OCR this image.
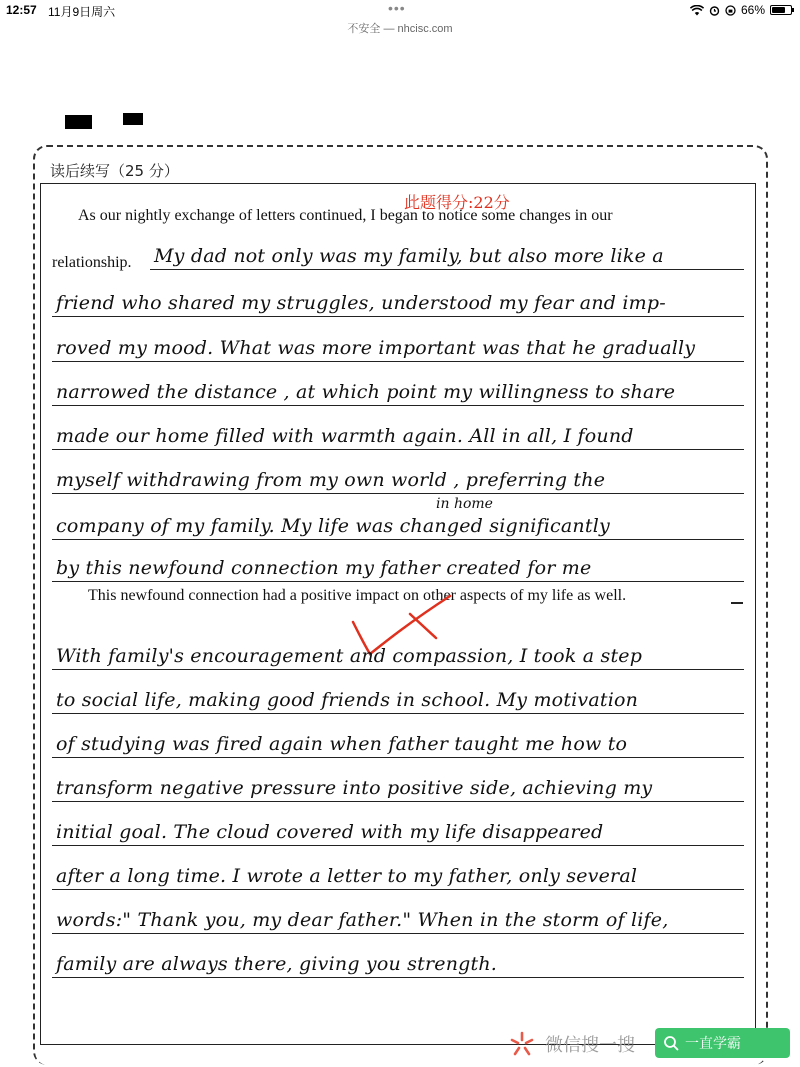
12:57 11月9日周六	•••	66%
不安全 — nhcisc.com
读后续写（25 分）
此题得分:22分
As our nightly exchange of letters continued, I began to notice some changes in our
relationship. My dad not only was my family, but also more like a
friend who shared my struggles, understood my fear and imp-
roved my mood. What was more important was that he gradually
narrowed the distance , at which point my willingness to share
made our home filled with warmth again. All in all, I found
myself withdrawing from my own world , preferring the
in home
company of my family. My life was changed significantly
by this newfound connection my father created for me
This newfound connection had a positive impact on other aspects of my life as well.
With family's encouragement and compassion, I took a step
to social life, making good friends in school. My motivation
of studying was fired again when father taught me how to
transform negative pressure into positive side, achieving my
initial goal. The cloud covered with my life disappeared
after a long time. I wrote a letter to my father, only several
words:" Thank you, my dear father." When in the storm of life,
family are always there, giving you strength.
微信搜一搜	一直学霸
